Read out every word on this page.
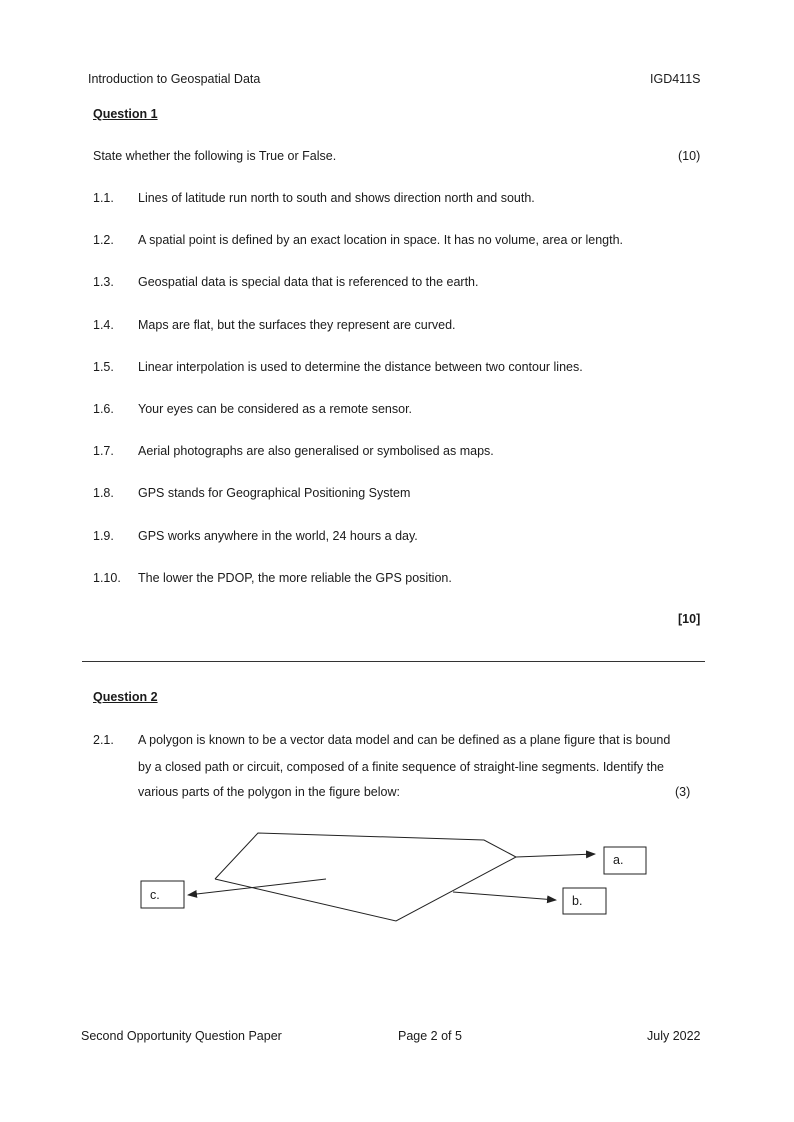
Introduction to Geospatial Data	IGD411S
Question 1
State whether the following is True or False.	(10)
1.1. Lines of latitude run north to south and shows direction north and south.
1.2. A spatial point is defined by an exact location in space. It has no volume, area or length.
1.3. Geospatial data is special data that is referenced to the earth.
1.4. Maps are flat, but the surfaces they represent are curved.
1.5. Linear interpolation is used to determine the distance between two contour lines.
1.6. Your eyes can be considered as a remote sensor.
1.7. Aerial photographs are also generalised or symbolised as maps.
1.8. GPS stands for Geographical Positioning System
1.9. GPS works anywhere in the world, 24 hours a day.
1.10. The lower the PDOP, the more reliable the GPS position.
[10]
Question 2
2.1. A polygon is known to be a vector data model and can be defined as a plane figure that is bound
by a closed path or circuit, composed of a finite sequence of straight-line segments. Identify the
various parts of the polygon in the figure below:	(3)
a.
b.
c.
Second Opportunity Question Paper	Page 2 of 5	July 2022
